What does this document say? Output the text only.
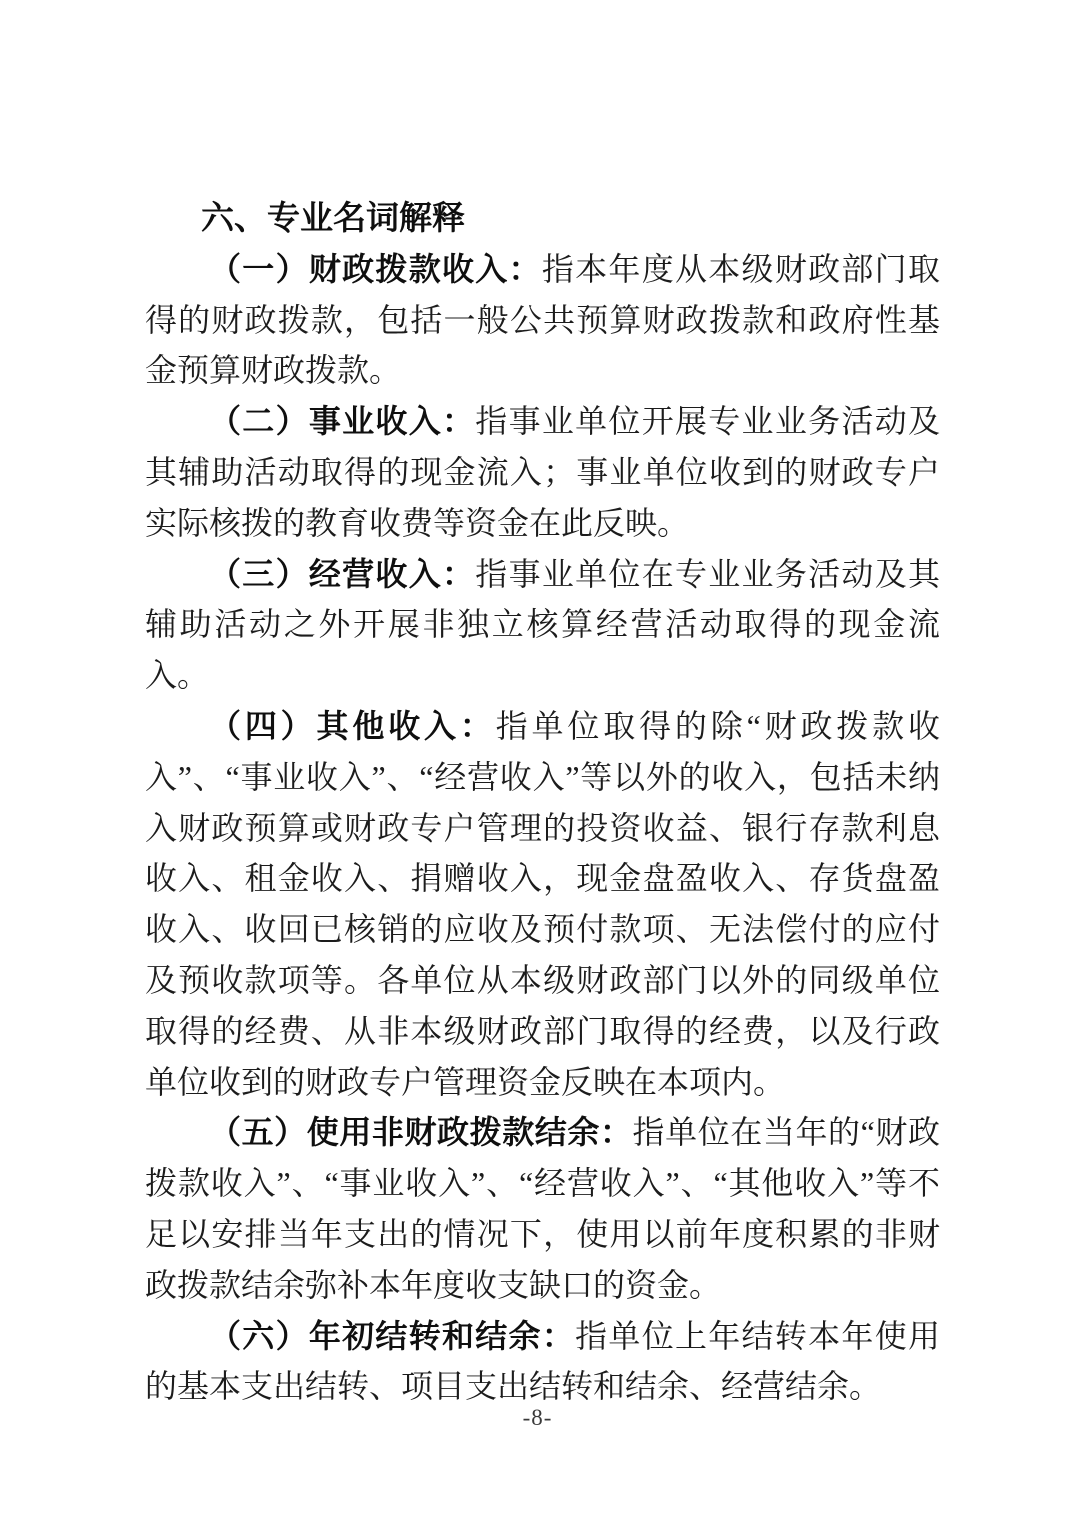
六、专业名词解释

（一）财政拨款收入：指本年度从本级财政部门取得的财政拨款，包括一般公共预算财政拨款和政府性基金预算财政拨款。

（二）事业收入：指事业单位开展专业业务活动及其辅助活动取得的现金流入；事业单位收到的财政专户实际核拨的教育收费等资金在此反映。

（三）经营收入：指事业单位在专业业务活动及其辅助活动之外开展非独立核算经营活动取得的现金流入。

（四）其他收入：指单位取得的除“财政拨款收入”、“事业收入”、“经营收入”等以外的收入，包括未纳入财政预算或财政专户管理的投资收益、银行存款利息收入、租金收入、捐赠收入，现金盘盈收入、存货盘盈收入、收回已核销的应收及预付款项、无法偿付的应付及预收款项等。各单位从本级财政部门以外的同级单位取得的经费、从非本级财政部门取得的经费，以及行政单位收到的财政专户管理资金反映在本项内。

（五）使用非财政拨款结余：指单位在当年的“财政拨款收入”、“事业收入”、“经营收入”、“其他收入”等不足以安排当年支出的情况下，使用以前年度积累的非财政拨款结余弥补本年度收支缺口的资金。

（六）年初结转和结余：指单位上年结转本年使用的基本支出结转、项目支出结转和结余、经营结余。

-8-
